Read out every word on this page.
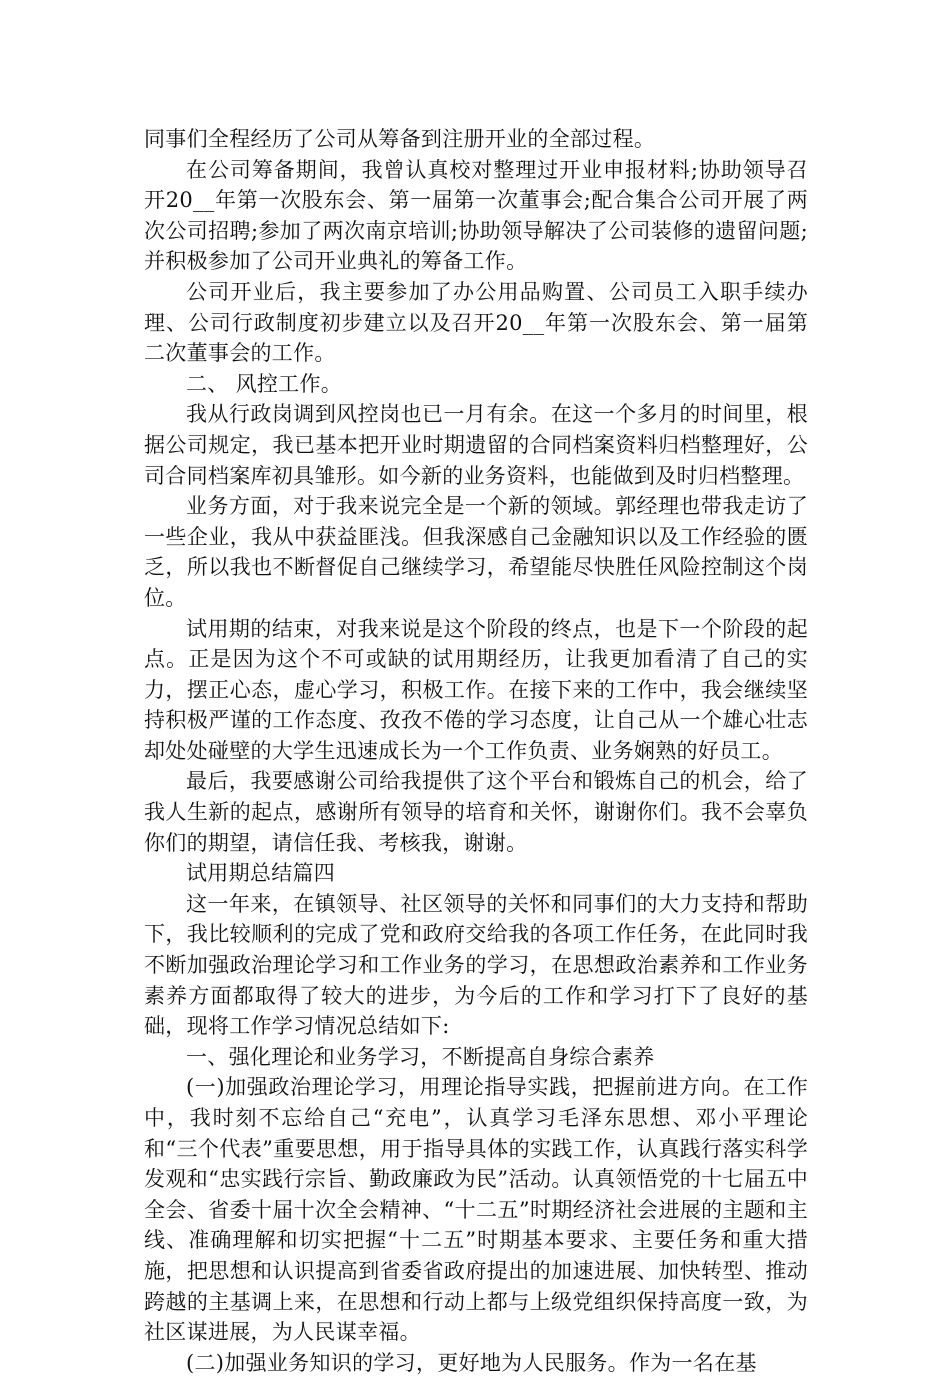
同事们全程经历了公司从筹备到注册开业的全部过程。

在公司筹备期间，我曾认真校对整理过开业申报材料;协助领导召开20__年第一次股东会、第一届第一次董事会;配合集合公司开展了两次公司招聘;参加了两次南京培训;协助领导解决了公司装修的遗留问题;并积极参加了公司开业典礼的筹备工作。

公司开业后，我主要参加了办公用品购置、公司员工入职手续办理、公司行政制度初步建立以及召开20__年第一次股东会、第一届第二次董事会的工作。

二、 风控工作。

我从行政岗调到风控岗也已一月有余。在这一个多月的时间里，根据公司规定，我已基本把开业时期遗留的合同档案资料归档整理好，公司合同档案库初具雏形。如今新的业务资料，也能做到及时归档整理。

业务方面，对于我来说完全是一个新的领域。郭经理也带我走访了一些企业，我从中获益匪浅。但我深感自己金融知识以及工作经验的匮乏，所以我也不断督促自己继续学习，希望能尽快胜任风险控制这个岗位。

试用期的结束，对我来说是这个阶段的终点，也是下一个阶段的起点。正是因为这个不可或缺的试用期经历，让我更加看清了自己的实力，摆正心态，虚心学习，积极工作。在接下来的工作中，我会继续坚持积极严谨的工作态度、孜孜不倦的学习态度，让自己从一个雄心壮志却处处碰壁的大学生迅速成长为一个工作负责、业务娴熟的好员工。

最后，我要感谢公司给我提供了这个平台和锻炼自己的机会，给了我人生新的起点，感谢所有领导的培育和关怀，谢谢你们。我不会辜负你们的期望，请信任我、考核我，谢谢。

试用期总结篇四

这一年来，在镇领导、社区领导的关怀和同事们的大力支持和帮助下，我比较顺利的完成了党和政府交给我的各项工作任务，在此同时我不断加强政治理论学习和工作业务的学习，在思想政治素养和工作业务素养方面都取得了较大的进步，为今后的工作和学习打下了良好的基础，现将工作学习情况总结如下:

一、强化理论和业务学习，不断提高自身综合素养

(一)加强政治理论学习，用理论指导实践，把握前进方向。在工作中，我时刻不忘给自己“充电”，认真学习毛泽东思想、邓小平理论和“三个代表”重要思想，用于指导具体的实践工作，认真践行落实科学发观和“忠实践行宗旨、勤政廉政为民”活动。认真领悟党的十七届五中全会、省委十届十次全会精神、“十二五”时期经济社会进展的主题和主线、准确理解和切实把握“十二五”时期基本要求、主要任务和重大措施，把思想和认识提高到省委省政府提出的加速进展、加快转型、推动跨越的主基调上来，在思想和行动上都与上级党组织保持高度一致，为社区谋进展，为人民谋幸福。

(二)加强业务知识的学习，更好地为人民服务。作为一名在基
